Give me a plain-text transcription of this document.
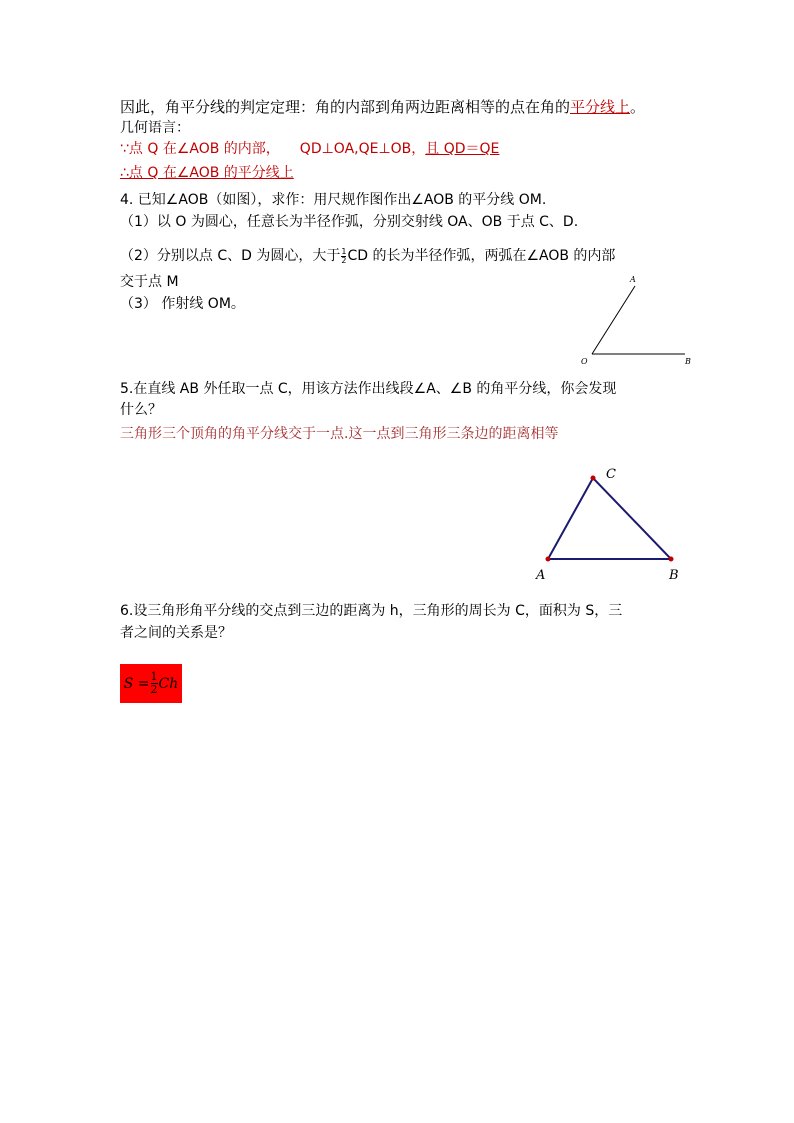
因此，角平分线的判定定理：角的内部到角两边距离相等的点在角的平分线上。
几何语言：
∵点 Q 在∠AOB 的内部， QD⊥OA,QE⊥OB，且 QD＝QE
∴点 Q 在∠AOB 的平分线上
4. 已知∠AOB（如图），求作：用尺规作图作出∠AOB 的平分线 OM.
（1）以 O 为圆心，任意长为半径作弧，分别交射线 OA、OB 于点 C、D.
（2）分别以点 C、D 为圆心，大于 $\frac{1}{2}$ CD 的长为半径作弧，两弧在∠AOB 的内部
交于点 M
（3） 作射线 OM。
A
O	B
5.在直线 AB 外任取一点 C，用该方法作出线段∠A、∠B 的角平分线，你会发现
什么？
三角形三个顶角的角平分线交于一点.这一点到三角形三条边的距离相等
C
A	B
6.设三角形角平分线的交点到三边的距离为 h，三角形的周长为 C，面积为 S，三
者之间的关系是？
$S = \frac{1}{2}$ Ch
